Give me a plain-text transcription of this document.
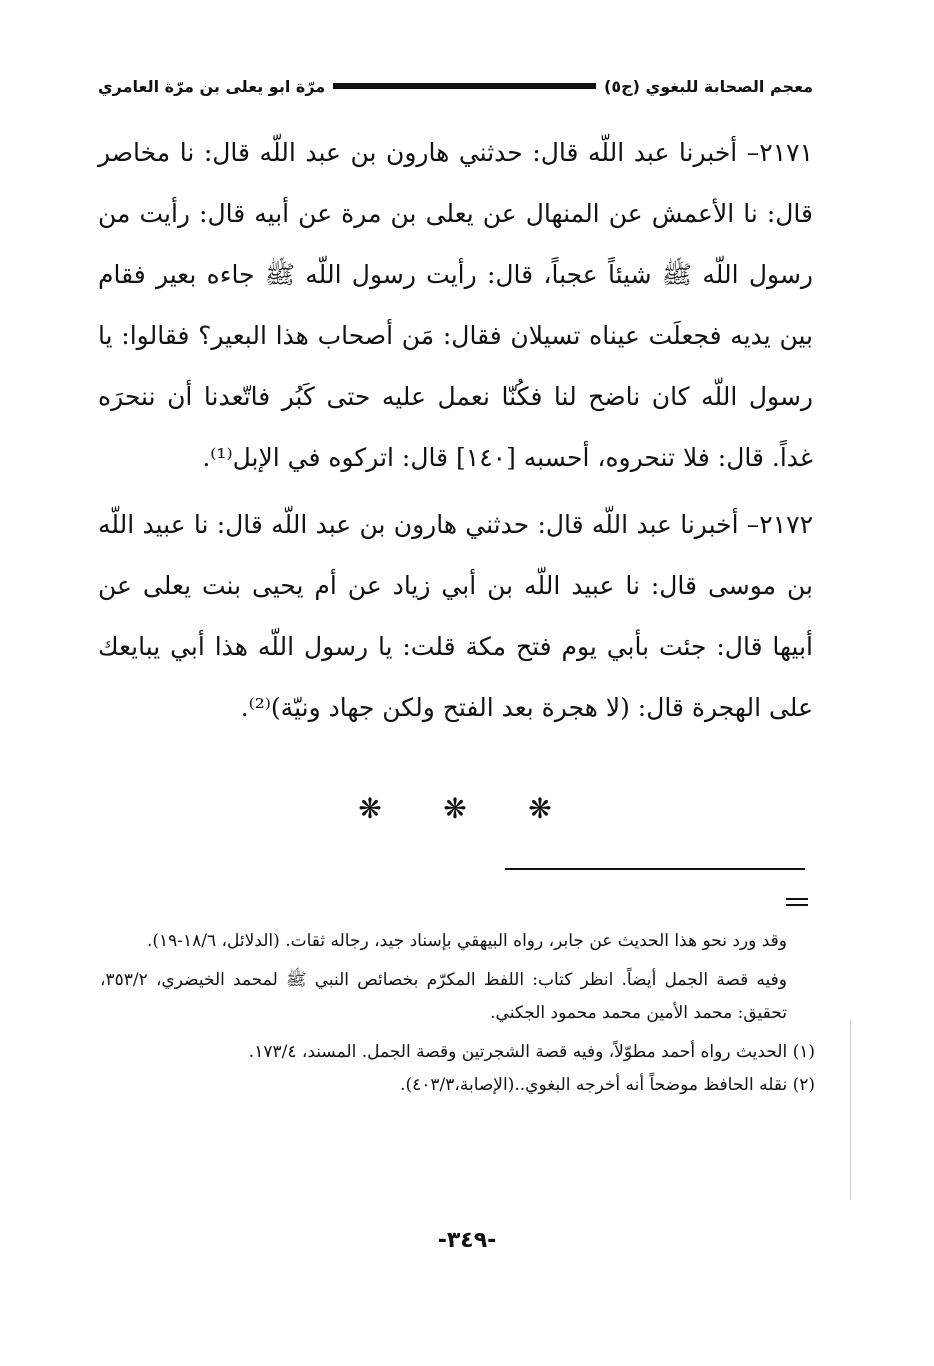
معجم الصحابة للبغوي (ج٥)
مرّة ابو يعلى بن مرّة العامري

٢١٧١– أخبرنا عبد اللّه قال: حدثني هارون بن عبد اللّه قال: نا مخاصر قال: نا الأعمش عن المنهال عن يعلى بن مرة عن أبيه قال: رأيت من رسول اللّه ﷺ شيئاً عجباً، قال: رأيت رسول اللّه ﷺ جاءه بعير فقام بين يديه فجعلَت عيناه تسيلان فقال: مَن أصحاب هذا البعير؟ فقالوا: يا رسول اللّه كان ناضح لنا فكُنّا نعمل عليه حتى كَبُر فاتّعدنا أن ننحرَه غداً. قال: فلا تنحروه، أحسبه [١٤٠] قال: اتركوه في الإبل⁽¹⁾.

٢١٧٢– أخبرنا عبد اللّه قال: حدثني هارون بن عبد اللّه قال: نا عبيد اللّه بن موسى قال: نا عبيد اللّه بن أبي زياد عن أم يحيى بنت يعلى عن أبيها قال: جئت بأبي يوم فتح مكة قلت: يا رسول اللّه هذا أبي يبايعك على الهجرة قال: (لا هجرة بعد الفتح ولكن جهاد ونيّة)⁽²⁾.

❋ ❋ ❋

وقد ورد نحو هذا الحديث عن جابر، رواه البيهقي بإسناد جيد، رجاله ثقات. (الدلائل، ١٨/٦-١٩).

وفيه قصة الجمل أيضاً. انظر كتاب: اللفظ المكرّم بخصائص النبي ﷺ لمحمد الخيضري، ٣٥٣/٢، تحقيق: محمد الأمين محمد محمود الجكني.

(١) الحديث رواه أحمد مطوّلاً، وفيه قصة الشجرتين وقصة الجمل. المسند، ١٧٣/٤.

(٢) نقله الحافظ موضحاً أنه أخرجه البغوي..(الإصابة،٤٠٣/٣).

-٣٤٩-
